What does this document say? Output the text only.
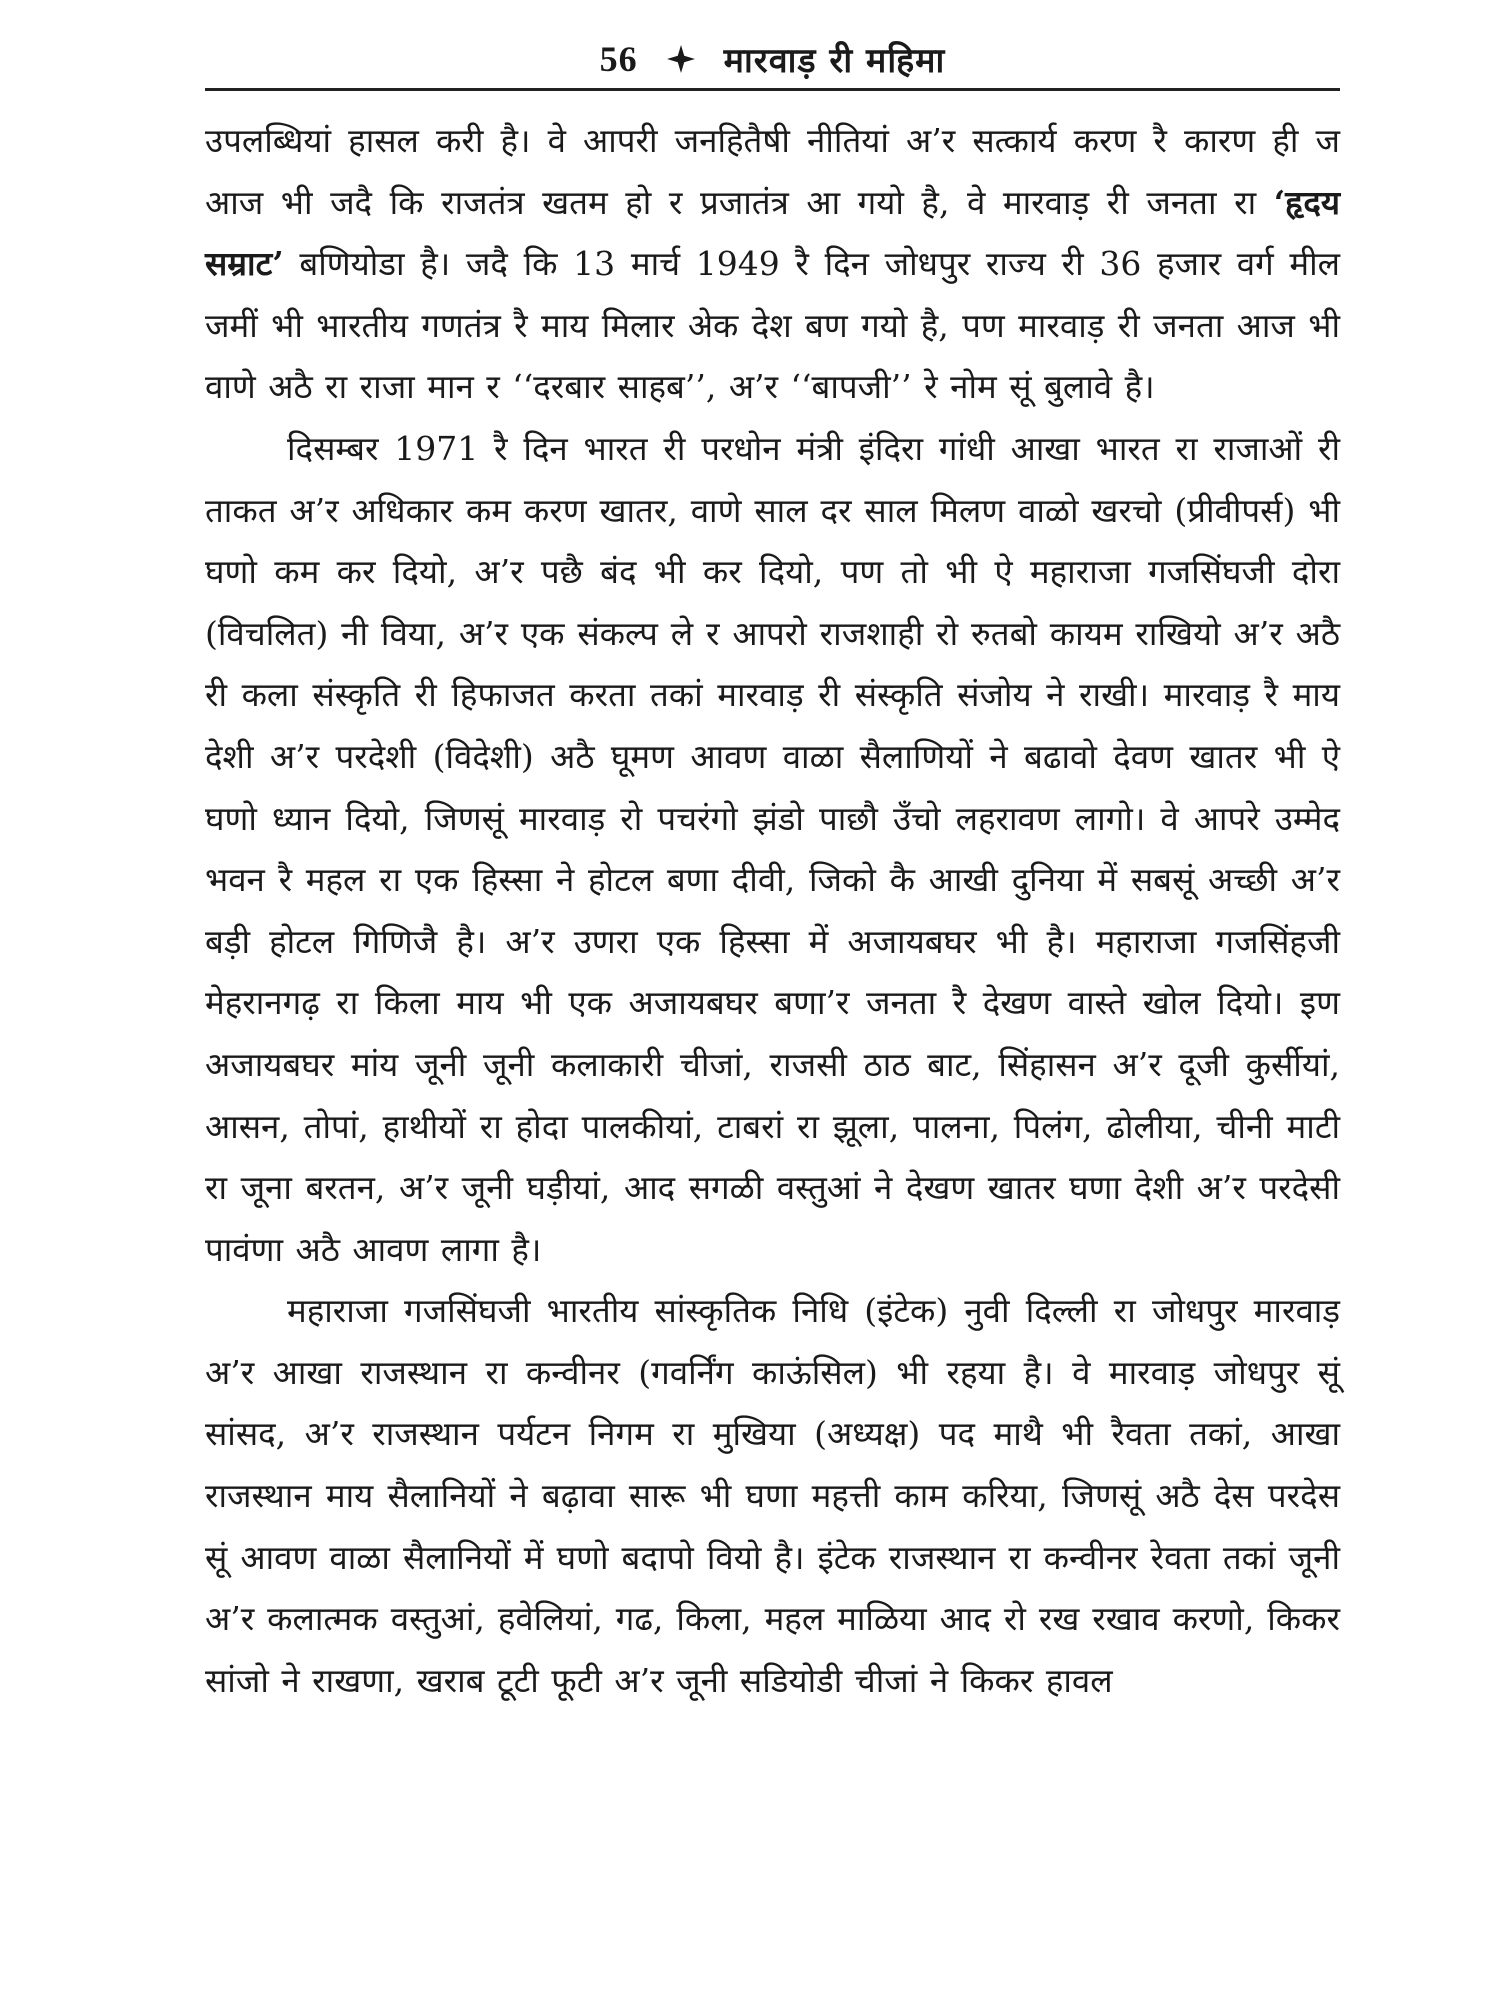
56	मारवाड़ री महिमा

उपलब्धियां हासल करी है। वे आपरी जनहितैषी नीतियां अ’र सत्कार्य करण रै कारण ही ज आज भी जदै कि राजतंत्र खतम हो र प्रजातंत्र आ गयो है, वे मारवाड़ री जनता रा ‘हृदय सम्राट’ बणियोडा है। जदै कि 13 मार्च 1949 रै दिन जोधपुर राज्य री 36 हजार वर्ग मील जमीं भी भारतीय गणतंत्र रै माय मिलार अेक देश बण गयो है, पण मारवाड़ री जनता आज भी वाणे अठै रा राजा मान र ‘‘दरबार साहब’’, अ’र ‘‘बापजी’’ रे नोम सूं बुलावे है।

दिसम्बर 1971 रै दिन भारत री परधोन मंत्री इंदिरा गांधी आखा भारत रा राजाओं री ताकत अ’र अधिकार कम करण खातर, वाणे साल दर साल मिलण वाळो खरचो (प्रीवीपर्स) भी घणो कम कर दियो, अ’र पछै बंद भी कर दियो, पण तो भी ऐ महाराजा गजसिंघजी दोरा (विचलित) नी विया, अ’र एक संकल्प ले र आपरो राजशाही रो रुतबो कायम राखियो अ’र अठै री कला संस्कृति री हिफाजत करता तकां मारवाड़ री संस्कृति संजोय ने राखी। मारवाड़ रै माय देशी अ’र परदेशी (विदेशी) अठै घूमण आवण वाळा सैलाणियों ने बढावो देवण खातर भी ऐ घणो ध्यान दियो, जिणसूं मारवाड़ रो पचरंगो झंडो पाछौ उँचो लहरावण लागो। वे आपरे उम्मेद भवन रै महल रा एक हिस्सा ने होटल बणा दीवी, जिको कै आखी दुनिया में सबसूं अच्छी अ’र बड़ी होटल गिणिजै है। अ’र उणरा एक हिस्सा में अजायबघर भी है। महाराजा गजसिंहजी मेहरानगढ़ रा किला माय भी एक अजायबघर बणा’र जनता रै देखण वास्ते खोल दियो। इण अजायबघर मांय जूनी जूनी कलाकारी चीजां, राजसी ठाठ बाट, सिंहासन अ’र दूजी कुर्सीयां, आसन, तोपां, हाथीयों रा होदा पालकीयां, टाबरां रा झूला, पालना, पिलंग, ढोलीया, चीनी माटी रा जूना बरतन, अ’र जूनी घड़ीयां, आद सगळी वस्तुआं ने देखण खातर घणा देशी अ’र परदेसी पावंणा अठै आवण लागा है।

महाराजा गजसिंघजी भारतीय सांस्कृतिक निधि (इंटेक) नुवी दिल्ली रा जोधपुर मारवाड़ अ’र आखा राजस्थान रा कन्वीनर (गवर्निंग काऊंसिल) भी रहया है। वे मारवाड़ जोधपुर सूं सांसद, अ’र राजस्थान पर्यटन निगम रा मुखिया (अध्यक्ष) पद माथै भी रैवता तकां, आखा राजस्थान माय सैलानियों ने बढ़ावा सारू भी घणा महत्ती काम करिया, जिणसूं अठै देस परदेस सूं आवण वाळा सैलानियों में घणो बदापो वियो है। इंटेक राजस्थान रा कन्वीनर रेवता तकां जूनी अ’र कलात्मक वस्तुआं, हवेलियां, गढ, किला, महल माळिया आद रो रख रखाव करणो, किकर सांजो ने राखणा, खराब टूटी फूटी अ’र जूनी सडियोडी चीजां ने किकर हावल
